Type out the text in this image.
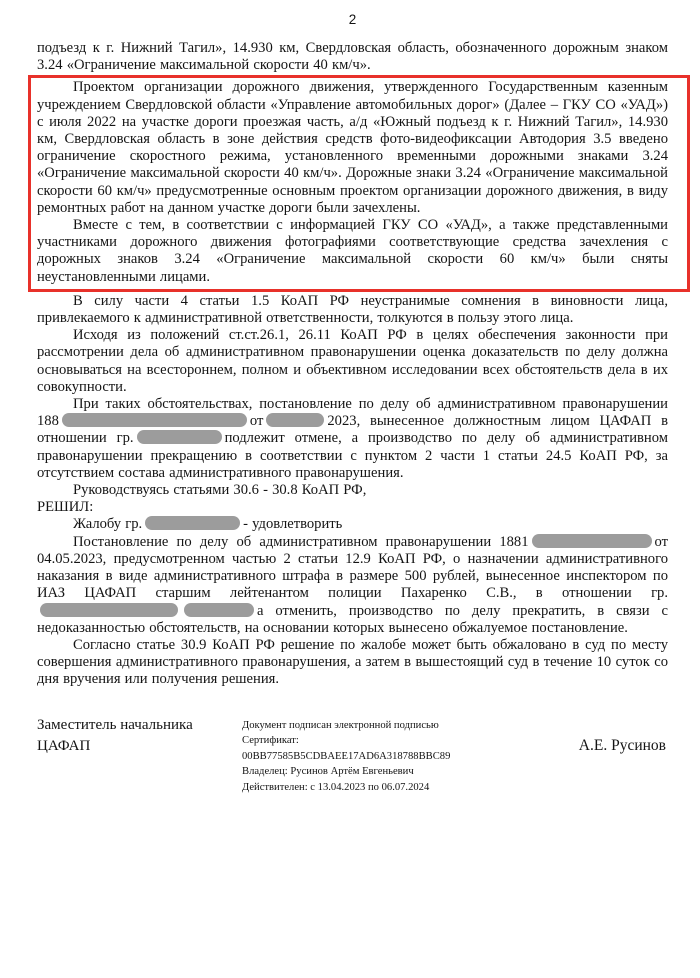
2

подъезд к г. Нижний Тагил», 14.930 км, Свердловская область, обозначенного дорожным знаком 3.24 «Ограничение максимальной скорости 40 км/ч».

Проектом организации дорожного движения, утвержденного Государственным казенным учреждением Свердловской области «Управление автомобильных дорог» (Далее – ГКУ СО «УАД») с июля 2022 на участке дороги проезжая часть, а/д «Южный подъезд к г. Нижний Тагил», 14.930 км, Свердловская область в зоне действия средств фото-видеофиксации Автодория 3.5 введено ограничение скоростного режима, установленного временными дорожными знаками 3.24 «Ограничение максимальной скорости 40 км/ч». Дорожные знаки 3.24 «Ограничение максимальной скорости 60 км/ч» предусмотренные основным проектом организации дорожного движения, в виду ремонтных работ на данном участке дороги были зачехлены.

Вместе с тем, в соответствии с информацией ГКУ СО «УАД», а также представленными участниками дорожного движения фотографиями соответствующие средства зачехления с дорожных знаков 3.24 «Ограничение максимальной скорости 60 км/ч» были сняты неустановленными лицами.

В силу части 4 статьи 1.5 КоАП РФ неустранимые сомнения в виновности лица, привлекаемого к административной ответственности, толкуются в пользу этого лица.

Исходя из положений ст.ст.26.1, 26.11 КоАП РФ в целях обеспечения законности при рассмотрении дела об административном правонарушении оценка доказательств по делу должна основываться на всестороннем, полном и объективном исследовании всех обстоятельств дела в их совокупности.

При таких обстоятельствах, постановление по делу об административном правонарушении 188	от	2023, вынесенное должностным лицом ЦАФАП в отношении гр.	подлежит отмене, а производство по делу об административном правонарушении прекращению в соответствии с пунктом 2 части 1 статьи 24.5 КоАП РФ, за отсутствием состава административного правонарушения.

Руководствуясь статьями 30.6 - 30.8 КоАП РФ,

РЕШИЛ:

Жалобу гр.	- удовлетворить

Постановление по делу об административном правонарушении 1881	от 04.05.2023, предусмотренном частью 2 статьи 12.9 КоАП РФ, о назначении административного наказания в виде административного штрафа в размере 500 рублей, вынесенное инспектором по ИАЗ ЦАФАП старшим лейтенантом полиции Пахаренко С.В., в отношении гр.а отменить, производство по делу прекратить, в связи с недоказанностью обстоятельств, на основании которых вынесено обжалуемое постановление.

Согласно статье 30.9 КоАП РФ решение по жалобе может быть обжаловано в суд по месту совершения административного правонарушения, а затем в вышестоящий суд в течение 10 суток со дня вручения или получения решения.

Заместитель начальника
ЦАФАП
Документ подписан электронной подписью
Сертификат:
00BB77585B5CDBAEE17AD6A318788BBC89
Владелец: Русинов Артём Евгеньевич
Действителен: с 13.04.2023 по 06.07.2024
А.Е. Русинов
